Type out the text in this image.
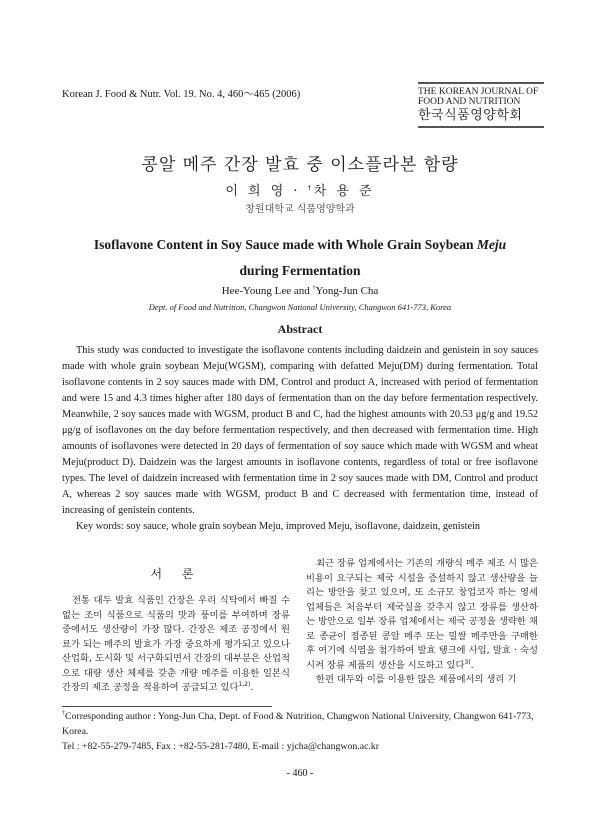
Korean J. Food & Nutr. Vol. 19. No. 4, 460～465 (2006)	THE KOREAN JOURNAL OF
FOOD AND NUTRITION
한국식품영양학회
콩알 메주 간장 발효 중 이소플라본 함량
이 희 영 · †차 용 준
창원대학교 식품영양학과
Isoflavone Content in Soy Sauce made with Whole Grain Soybean Meju
during Fermentation
Hee-Young Lee and †Yong-Jun Cha
Dept. of Food and Nutrition, Changwon National University, Changwon 641-773, Korea
Abstract

This study was conducted to investigate the isoflavone contents including daidzein and genistein in soy sauces made with whole grain soybean Meju(WGSM), comparing with defatted Meju(DM) during fermentation. Total isoflavone contents in 2 soy sauces made with DM, Control and product A, increased with period of fermentation and were 15 and 4.3 times higher after 180 days of fermentation than on the day before fermentation respectively. Meanwhile, 2 soy sauces made with WGSM, product B and C, had the highest amounts with 20.53 μg/g and 19.52 μg/g of isoflavones on the day before fermentation respectively, and then decreased with fermentation time. High amounts of isoflavones were detected in 20 days of fermentation of soy sauce which made with WGSM and wheat Meju(product D). Daidzein was the largest amounts in isoflavone contents, regardless of total or free isoflavone types. The level of daidzein increased with fermentation time in 2 soy sauces made with DM, Control and product A, whereas 2 soy sauces made with WGSM, product B and C decreased with fermentation time, instead of increasing of genistein contents.

Key words: soy sauce, whole grain soybean Meju, improved Meju, isoflavone, daidzein, genistein

서 론

전통 대두 발효 식품인 간장은 우리 식탁에서 빠질 수 없는 조미 식품으로 식품의 맛과 풍미를 부여하며 장류 중에서도 생산량이 가장 많다. 간장은 제조 공정에서 원료가 되는 메주의 발효가 가장 중요하게 평가되고 있으나 산업화, 도시화 및 서구화되면서 간장의 대부분은 산업적으로 대량 생산 체제를 갖춘 개량 메주를 이용한 일본식 간장의 제조 공정을 적용하여 공급되고 있다$^{1,2)}$.

최근 장류 업계에서는 기존의 개량식 메주 제조 시 많은 비용이 요구되는 제국 시설을 증설하지 않고 생산량을 늘리는 방안을 찾고 있으며, 또 소규모 창업코자 하는 영세 업체들은 처음부터 제국실을 갖추지 않고 장류를 생산하는 방안으로 일부 장류 업체에서는 제국 공정을 생략한 채로 종균이 접종된 콩알 메주 또는 밀쌀 메주만을 구매한 후 여기에 식염을 첨가하여 발효 탱크에 사입, 발효 · 숙성시켜 장류 제품의 생산을 시도하고 있다$^{3)}$.

한편 대두와 이를 이용한 많은 제품에서의 생리 기

†Corresponding author : Yong-Jun Cha, Dept. of Food & Nutrition, Changwon National University, Changwon 641-773, Korea.
Tel : +82-55-279-7485, Fax : +82-55-281-7480, E-mail : yjcha@changwon.ac.kr
- 460 -
